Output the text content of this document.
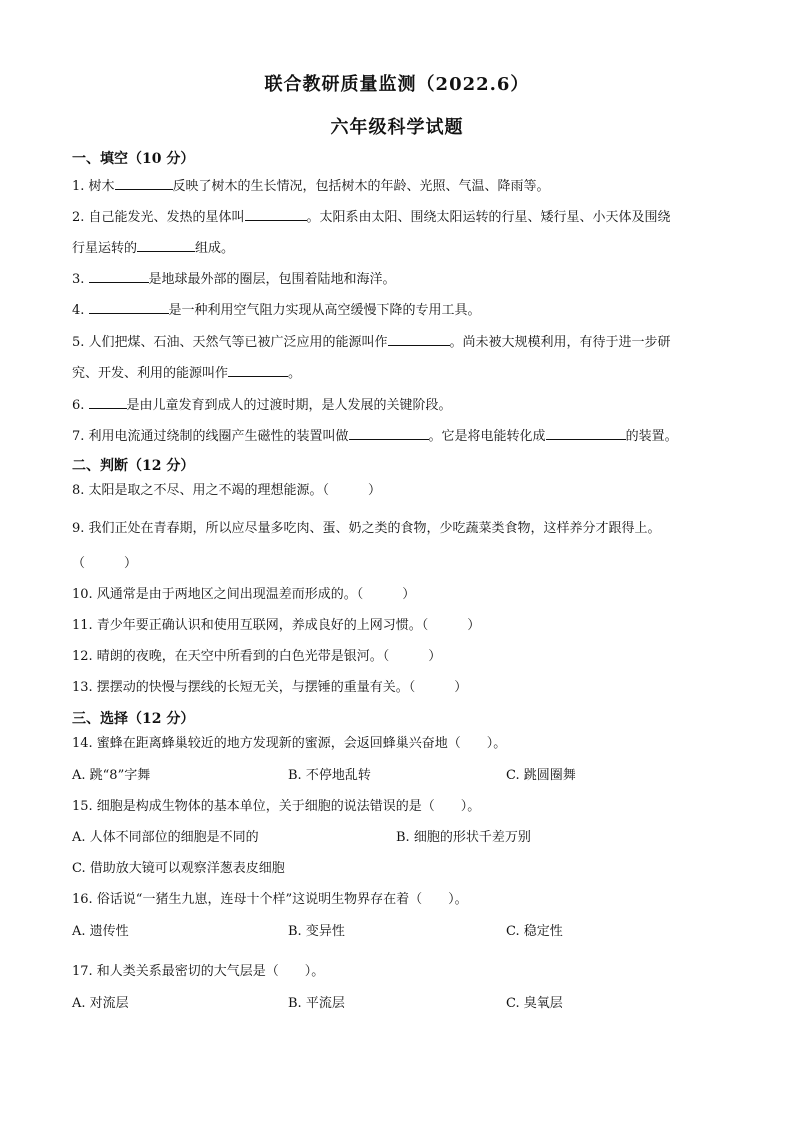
联合教研质量监测（2022.6）
六年级科学试题
一、填空（10 分）
1. 树木	反映了树木的生长情况，包括树木的年龄、光照、气温、降雨等。
2. 自己能发光、发热的星体叫	。太阳系由太阳、围绕太阳运转的行星、矮行星、小天体及围绕
行星运转的	组成。
3.	是地球最外部的圈层，包围着陆地和海洋。
4.	是一种利用空气阻力实现从高空缓慢下降的专用工具。
5. 人们把煤、石油、天然气等已被广泛应用的能源叫作	。尚未被大规模利用，有待于进一步研
究、开发、利用的能源叫作	。
6.	是由儿童发育到成人的过渡时期，是人发展的关键阶段。
7. 利用电流通过绕制的线圈产生磁性的装置叫做	。它是将电能转化成	的装置。
二、判断（12 分）
8. 太阳是取之不尽、用之不竭的理想能源。（　　　）
9. 我们正处在青春期，所以应尽量多吃肉、蛋、奶之类的食物，少吃蔬菜类食物，这样养分才跟得上。
（　　　）
10. 风通常是由于两地区之间出现温差而形成的。（　　　）
11. 青少年要正确认识和使用互联网，养成良好的上网习惯。（　　　）
12. 晴朗的夜晚，在天空中所看到的白色光带是银河。（　　　）
13. 摆摆动的快慢与摆线的长短无关，与摆锤的重量有关。（　　　）
三、选择（12 分）
14. 蜜蜂在距离蜂巢较近的地方发现新的蜜源，会返回蜂巢兴奋地（　　）。
A. 跳“8”字舞	B. 不停地乱转	C. 跳圆圈舞
15. 细胞是构成生物体的基本单位，关于细胞的说法错误的是（　　）。
A. 人体不同部位的细胞是不同的	B. 细胞的形状千差万别
C. 借助放大镜可以观察洋葱表皮细胞
16. 俗话说“一猪生九崽，连母十个样”这说明生物界存在着（　　）。
A. 遗传性	B. 变异性	C. 稳定性
17. 和人类关系最密切的大气层是（　　）。
A. 对流层	B. 平流层	C. 臭氧层
